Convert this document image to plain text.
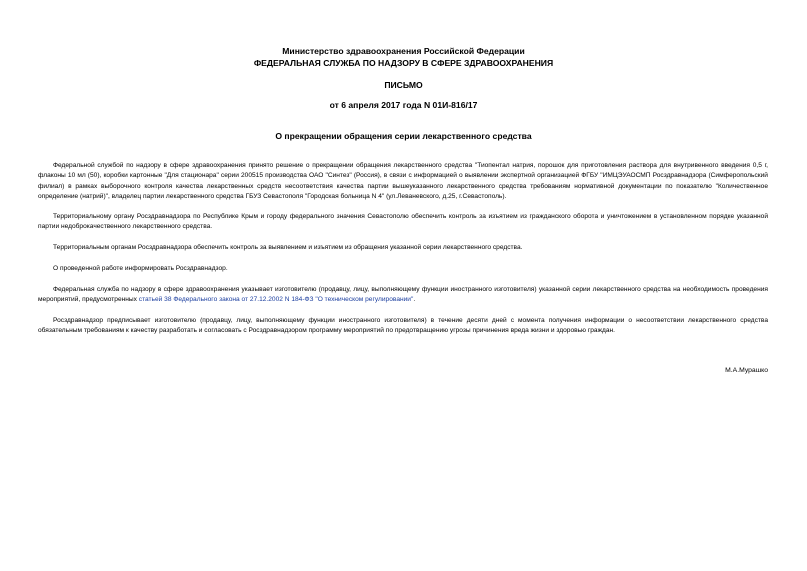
Министерство здравоохранения Российской Федерации
ФЕДЕРАЛЬНАЯ СЛУЖБА ПО НАДЗОРУ В СФЕРЕ ЗДРАВООХРАНЕНИЯ
ПИСЬМО
от 6 апреля 2017 года N 01И-816/17
О прекращении обращения серии лекарственного средства

Федеральной службой по надзору в сфере здравоохранения принято решение о прекращении обращения лекарственного средства "Тиопентал натрия, порошок для приготовления раствора для внутривенного введения 0,5 г, флаконы 10 мл (50), коробки картонные "Для стационара" серии 200515 производства ОАО "Синтез" (Россия), в связи с информацией о выявлении экспертной организацией ФГБУ "ИМЦЭУАОСМП Росздравнадзора (Симферопольский филиал) в рамках выборочного контроля качества лекарственных средств несоответствия качества партии вышеуказанного лекарственного средства требованиям нормативной документации по показателю "Количественное определение (натрий)", владелец партии лекарственного средства ГБУЗ Севастополя "Городская больница N 4" (ул.Леваневского, д.25, г.Севастополь).

Территориальному органу Росздравнадзора по Республике Крым и городу федерального значения Севастополю обеспечить контроль за изъятием из гражданского оборота и уничтожением в установленном порядке указанной партии недоброкачественного лекарственного средства.

Территориальным органам Росздравнадзора обеспечить контроль за выявлением и изъятием из обращения указанной серии лекарственного средства.

О проведенной работе информировать Росздравнадзор.

Федеральная служба по надзору в сфере здравоохранения указывает изготовителю (продавцу, лицу, выполняющему функции иностранного изготовителя) указанной серии лекарственного средства на необходимость проведения мероприятий, предусмотренных статьей 38 Федерального закона от 27.12.2002 N 184-ФЗ "О техническом регулировании".

Росздравнадзор предписывает изготовителю (продавцу, лицу, выполняющему функции иностранного изготовителя) в течение десяти дней с момента получения информации о несоответствии лекарственного средства обязательным требованиям к качеству разработать и согласовать с Росздравнадзором программу мероприятий по предотвращению угрозы причинения вреда жизни и здоровью граждан.

М.А.Мурашко
